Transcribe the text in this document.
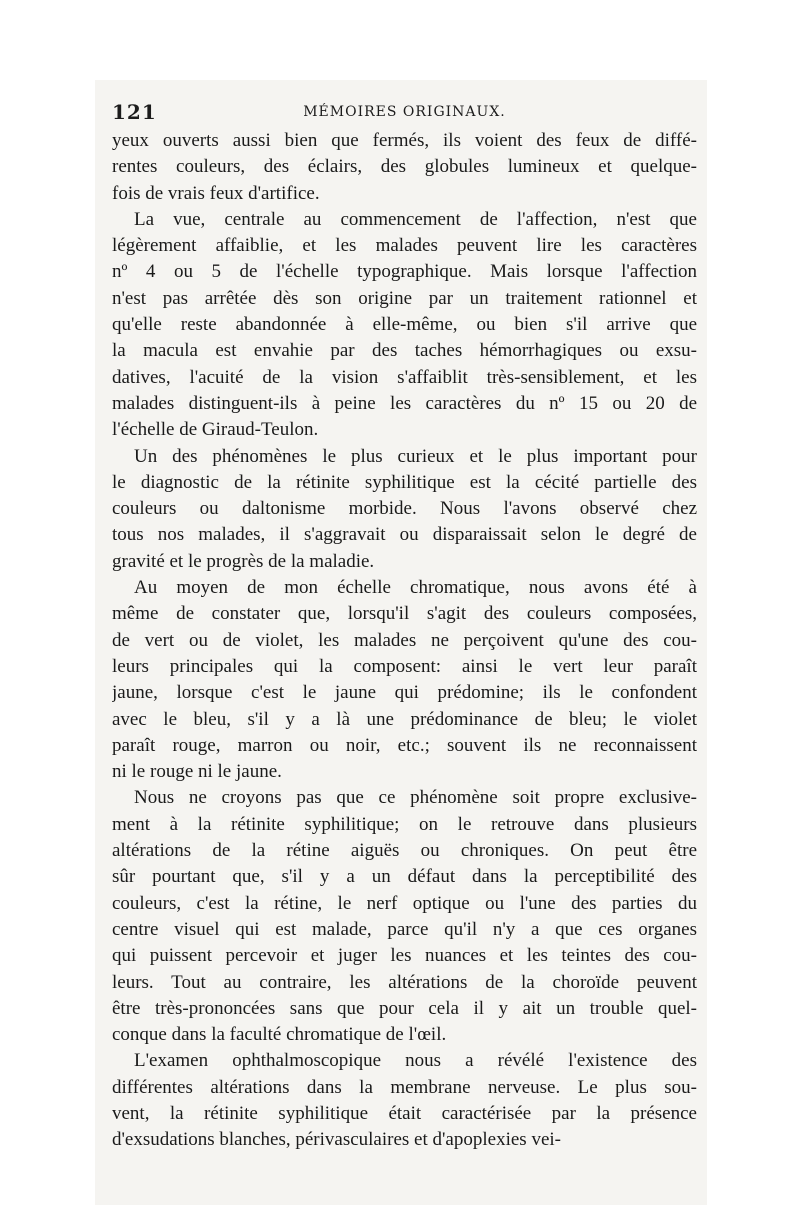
121	MÉMOIRES ORIGINAUX.
yeux ouverts aussi bien que fermés, ils voient des feux de diffé-
rentes couleurs, des éclairs, des globules lumineux et quelque-
fois de vrais feux d'artifice.
La vue, centrale au commencement de l'affection, n'est que
légèrement affaiblie, et les malades peuvent lire les caractères
nº 4 ou 5 de l'échelle typographique. Mais lorsque l'affection
n'est pas arrêtée dès son origine par un traitement rationnel et
qu'elle reste abandonnée à elle-même, ou bien s'il arrive que
la macula est envahie par des taches hémorrhagiques ou exsu-
datives, l'acuité de la vision s'affaiblit très-sensiblement, et les
malades distinguent-ils à peine les caractères du nº 15 ou 20 de
l'échelle de Giraud-Teulon.
Un des phénomènes le plus curieux et le plus important pour
le diagnostic de la rétinite syphilitique est la cécité partielle des
couleurs ou daltonisme morbide. Nous l'avons observé chez
tous nos malades, il s'aggravait ou disparaissait selon le degré de
gravité et le progrès de la maladie.
Au moyen de mon échelle chromatique, nous avons été à
même de constater que, lorsqu'il s'agit des couleurs composées,
de vert ou de violet, les malades ne perçoivent qu'une des cou-
leurs principales qui la composent: ainsi le vert leur paraît
jaune, lorsque c'est le jaune qui prédomine; ils le confondent
avec le bleu, s'il y a là une prédominance de bleu; le violet
paraît rouge, marron ou noir, etc.; souvent ils ne reconnaissent
ni le rouge ni le jaune.
Nous ne croyons pas que ce phénomène soit propre exclusive-
ment à la rétinite syphilitique; on le retrouve dans plusieurs
altérations de la rétine aiguës ou chroniques. On peut être
sûr pourtant que, s'il y a un défaut dans la perceptibilité des
couleurs, c'est la rétine, le nerf optique ou l'une des parties du
centre visuel qui est malade, parce qu'il n'y a que ces organes
qui puissent percevoir et juger les nuances et les teintes des cou-
leurs. Tout au contraire, les altérations de la choroïde peuvent
être très-prononcées sans que pour cela il y ait un trouble quel-
conque dans la faculté chromatique de l'œil.
L'examen ophthalmoscopique nous a révélé l'existence des
différentes altérations dans la membrane nerveuse. Le plus sou-
vent, la rétinite syphilitique était caractérisée par la présence
d'exsudations blanches, périvasculaires et d'apoplexies vei-
